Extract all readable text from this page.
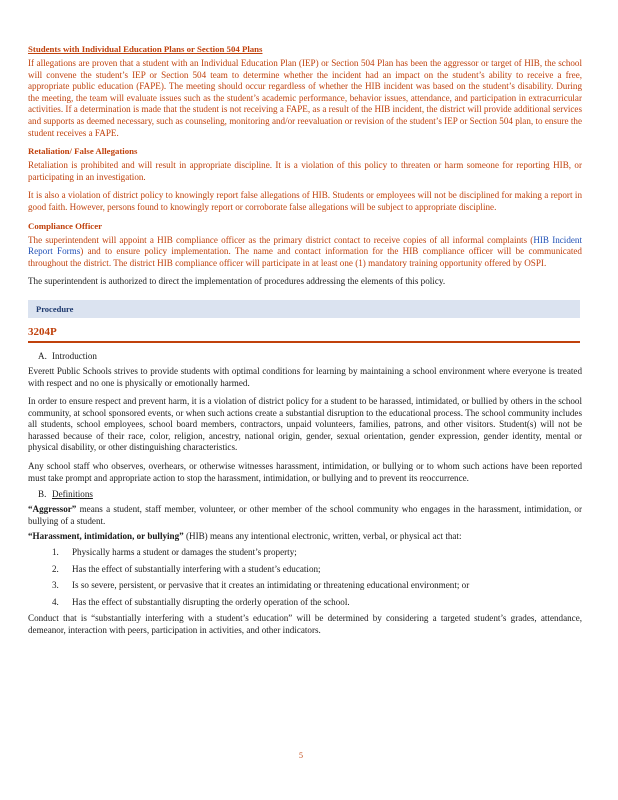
Students with Individual Education Plans or Section 504 Plans

If allegations are proven that a student with an Individual Education Plan (IEP) or Section 504 Plan has been the aggressor or target of HIB, the school will convene the student’s IEP or Section 504 team to determine whether the incident had an impact on the student’s ability to receive a free, appropriate public education (FAPE). The meeting should occur regardless of whether the HIB incident was based on the student’s disability. During the meeting, the team will evaluate issues such as the student’s academic performance, behavior issues, attendance, and participation in extracurricular activities. If a determination is made that the student is not receiving a FAPE, as a result of the HIB incident, the district will provide additional services and supports as deemed necessary, such as counseling, monitoring and/or reevaluation or revision of the student’s IEP or Section 504 plan, to ensure the student receives a FAPE.

Retaliation/ False Allegations

Retaliation is prohibited and will result in appropriate discipline. It is a violation of this policy to threaten or harm someone for reporting HIB, or participating in an investigation.

It is also a violation of district policy to knowingly report false allegations of HIB. Students or employees will not be disciplined for making a report in good faith. However, persons found to knowingly report or corroborate false allegations will be subject to appropriate discipline.

Compliance Officer

The superintendent will appoint a HIB compliance officer as the primary district contact to receive copies of all informal complaints (HIB Incident Report Forms) and to ensure policy implementation. The name and contact information for the HIB compliance officer will be communicated throughout the district. The district HIB compliance officer will participate in at least one (1) mandatory training opportunity offered by OSPI.

The superintendent is authorized to direct the implementation of procedures addressing the elements of this policy.

Procedure
3204P
A. Introduction

Everett Public Schools strives to provide students with optimal conditions for learning by maintaining a school environment where everyone is treated with respect and no one is physically or emotionally harmed.

In order to ensure respect and prevent harm, it is a violation of district policy for a student to be harassed, intimidated, or bullied by others in the school community, at school sponsored events, or when such actions create a substantial disruption to the educational process. The school community includes all students, school employees, school board members, contractors, unpaid volunteers, families, patrons, and other visitors. Student(s) will not be harassed because of their race, color, religion, ancestry, national origin, gender, sexual orientation, gender expression, gender identity, mental or physical disability, or other distinguishing characteristics.

Any school staff who observes, overhears, or otherwise witnesses harassment, intimidation, or bullying or to whom such actions have been reported must take prompt and appropriate action to stop the harassment, intimidation, or bullying and to prevent its reoccurrence.

B. Definitions

“Aggressor” means a student, staff member, volunteer, or other member of the school community who engages in the harassment, intimidation, or bullying of a student.

“Harassment, intimidation, or bullying” (HIB) means any intentional electronic, written, verbal, or physical act that:

1.	Physically harms a student or damages the student’s property;
2.	Has the effect of substantially interfering with a student’s education;
3.	Is so severe, persistent, or pervasive that it creates an intimidating or threatening educational environment; or
4.	Has the effect of substantially disrupting the orderly operation of the school.

Conduct that is “substantially interfering with a student’s education” will be determined by considering a targeted student’s grades, attendance, demeanor, interaction with peers, participation in activities, and other indicators.

5
